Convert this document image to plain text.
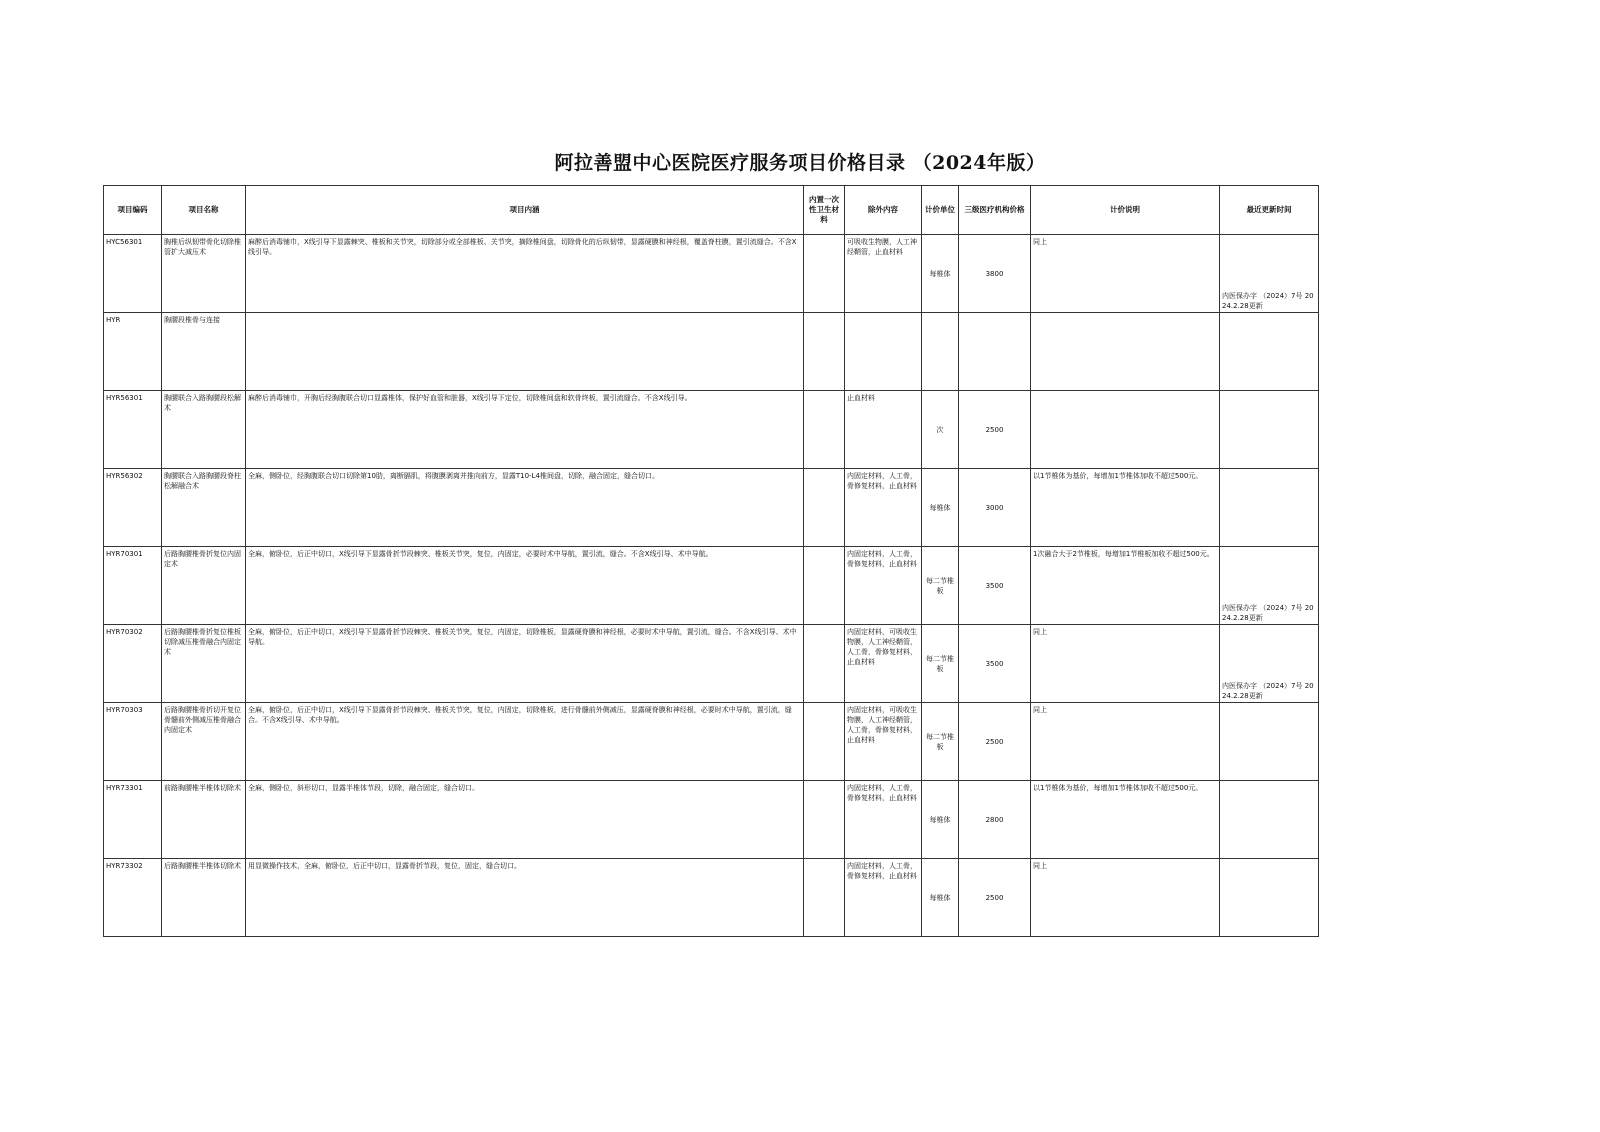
阿拉善盟中心医院医疗服务项目价格目录 （2024年版）
项目编码	项目名称	项目内涵	内置一次性卫生材料	除外内容	计价单位	三级医疗机构价格	计价说明	最近更新时间
HYC56301	胸椎后纵韧带骨化切除椎管扩大减压术	麻醉后消毒铺巾，X线引导下显露棘突、椎板和关节突，切除部分或全部椎板、关节突，摘除椎间盘，切除骨化的后纵韧带，显露硬膜和神经根，覆盖脊柱膜，置引流缝合。不含X线引导。		可吸收生物膜，人工神经鞘管，止血材料	每椎体	3800	同上	内医保办字 （2024）7号 2024.2.28更新
HYR	胸腰段椎骨与连接							
HYR56301	胸腰联合入路胸腰段松解术	麻醉后消毒铺巾，开胸后经胸腹联合切口显露椎体，保护好血管和脏器，X线引导下定位，切除椎间盘和软骨终板，置引流缝合。不含X线引导。		止血材料	次	2500		
HYR56302	胸腰联合入路胸腰段脊柱松解融合术	全麻，侧卧位，经胸腹联合切口切除第10肋，离断膈肌，将腹膜剥离并推向前方，显露T10-L4椎间盘，切除，融合固定，缝合切口。		内固定材料，人工骨，骨修复材料，止血材料	每椎体	3000	以1节椎体为基价，每增加1节椎体加收不超过500元。	
HYR70301	后路胸腰椎骨折复位内固定术	全麻，俯卧位，后正中切口，X线引导下显露骨折节段棘突、椎板关节突，复位，内固定，必要时术中导航，置引流，缝合。不含X线引导、术中导航。		内固定材料，人工骨，骨修复材料，止血材料	每二节椎板	3500	1次融合大于2节椎板，每增加1节椎板加收不超过500元。	内医保办字 （2024）7号 2024.2.28更新
HYR70302	后路胸腰椎骨折复位椎板切除减压椎骨融合内固定术	全麻，俯卧位，后正中切口，X线引导下显露骨折节段棘突、椎板关节突，复位，内固定，切除椎板，显露硬脊膜和神经根，必要时术中导航，置引流，缝合。不含X线引导、术中导航。		内固定材料，可吸收生物膜，人工神经鞘管，人工骨，骨修复材料，止血材料	每二节椎板	3500	同上	内医保办字 （2024）7号 2024.2.28更新
HYR70303	后路胸腰椎骨折切开复位骨髓前外侧减压椎骨融合内固定术	全麻，俯卧位，后正中切口，X线引导下显露骨折节段棘突、椎板关节突，复位，内固定，切除椎板，进行骨髓前外侧减压，显露硬脊膜和神经根，必要时术中导航，置引流，缝合。不含X线引导、术中导航。		内固定材料，可吸收生物膜，人工神经鞘管，人工骨，骨修复材料，止血材料	每二节椎板	2500	同上	
HYR73301	前路胸腰椎半椎体切除术	全麻，侧卧位，斜形切口，显露半椎体节段，切除，融合固定，缝合切口。		内固定材料，人工骨，骨修复材料，止血材料	每椎体	2800	以1节椎体为基价，每增加1节椎体加收不超过500元。	
HYR73302	后路胸腰椎半椎体切除术	用显微操作技术，全麻，俯卧位，后正中切口，显露骨折节段，复位，固定，缝合切口。		内固定材料，人工骨，骨修复材料，止血材料	每椎体	2500	同上	
